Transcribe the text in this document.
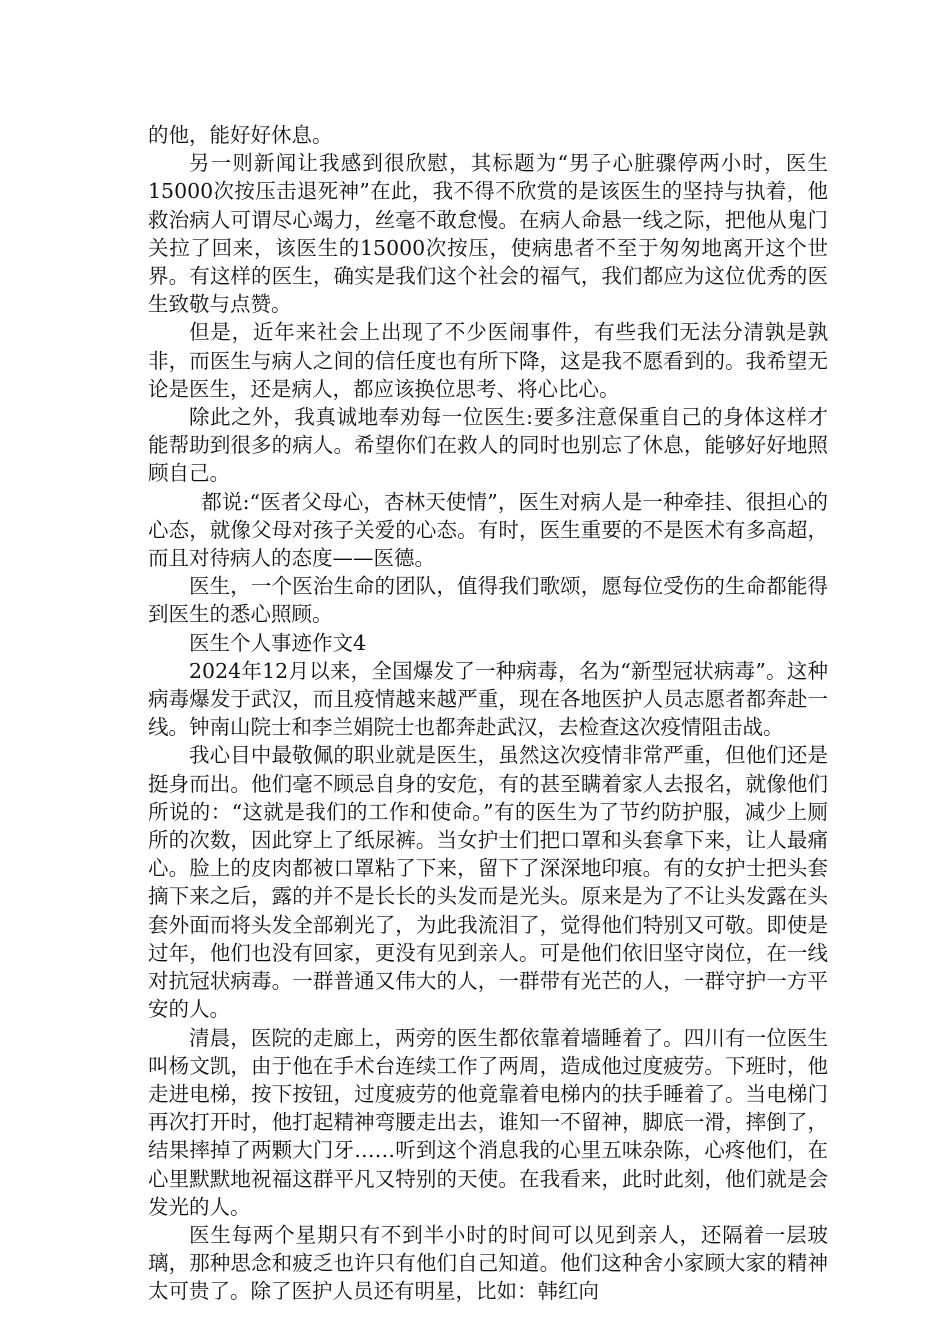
的他，能好好休息。

另一则新闻让我感到很欣慰，其标题为“男子心脏骤停两小时，医生15000次按压击退死神”在此，我不得不欣赏的是该医生的坚持与执着，他救治病人可谓尽心竭力，丝毫不敢怠慢。在病人命悬一线之际，把他从鬼门关拉了回来，该医生的15000次按压，使病患者不至于匆匆地离开这个世界。有这样的医生，确实是我们这个社会的福气，我们都应为这位优秀的医生致敬与点赞。

但是，近年来社会上出现了不少医闹事件，有些我们无法分清孰是孰非，而医生与病人之间的信任度也有所下降，这是我不愿看到的。我希望无论是医生，还是病人，都应该换位思考、将心比心。

除此之外，我真诚地奉劝每一位医生:要多注意保重自己的身体这样才能帮助到很多的病人。希望你们在救人的同时也别忘了休息，能够好好地照顾自己。

都说:“医者父母心，杏林天使情”，医生对病人是一种牵挂、很担心的心态，就像父母对孩子关爱的心态。有时，医生重要的不是医术有多高超，而且对待病人的态度——医德。

医生，一个医治生命的团队，值得我们歌颂，愿每位受伤的生命都能得到医生的悉心照顾。

医生个人事迹作文4

2024年12月以来，全国爆发了一种病毒，名为“新型冠状病毒”。这种病毒爆发于武汉，而且疫情越来越严重，现在各地医护人员志愿者都奔赴一线。钟南山院士和李兰娟院士也都奔赴武汉，去检查这次疫情阻击战。

我心目中最敬佩的职业就是医生，虽然这次疫情非常严重，但他们还是挺身而出。他们毫不顾忌自身的安危，有的甚至瞒着家人去报名，就像他们所说的：“这就是我们的工作和使命。”有的医生为了节约防护服，减少上厕所的次数，因此穿上了纸尿裤。当女护士们把口罩和头套拿下来，让人最痛心。脸上的皮肉都被口罩粘了下来，留下了深深地印痕。有的女护士把头套摘下来之后，露的并不是长长的头发而是光头。原来是为了不让头发露在头套外面而将头发全部剃光了，为此我流泪了，觉得他们特别又可敬。即使是过年，他们也没有回家，更没有见到亲人。可是他们依旧坚守岗位，在一线对抗冠状病毒。一群普通又伟大的人，一群带有光芒的人，一群守护一方平安的人。

清晨，医院的走廊上，两旁的医生都依靠着墙睡着了。四川有一位医生叫杨文凯，由于他在手术台连续工作了两周，造成他过度疲劳。下班时，他走进电梯，按下按钮，过度疲劳的他竟靠着电梯内的扶手睡着了。当电梯门再次打开时，他打起精神弯腰走出去，谁知一不留神，脚底一滑，摔倒了，结果摔掉了两颗大门牙……听到这个消息我的心里五味杂陈，心疼他们，在心里默默地祝福这群平凡又特别的天使。在我看来，此时此刻，他们就是会发光的人。

医生每两个星期只有不到半小时的时间可以见到亲人，还隔着一层玻璃，那种思念和疲乏也许只有他们自己知道。他们这种舍小家顾大家的精神太可贵了。除了医护人员还有明星，比如：韩红向
